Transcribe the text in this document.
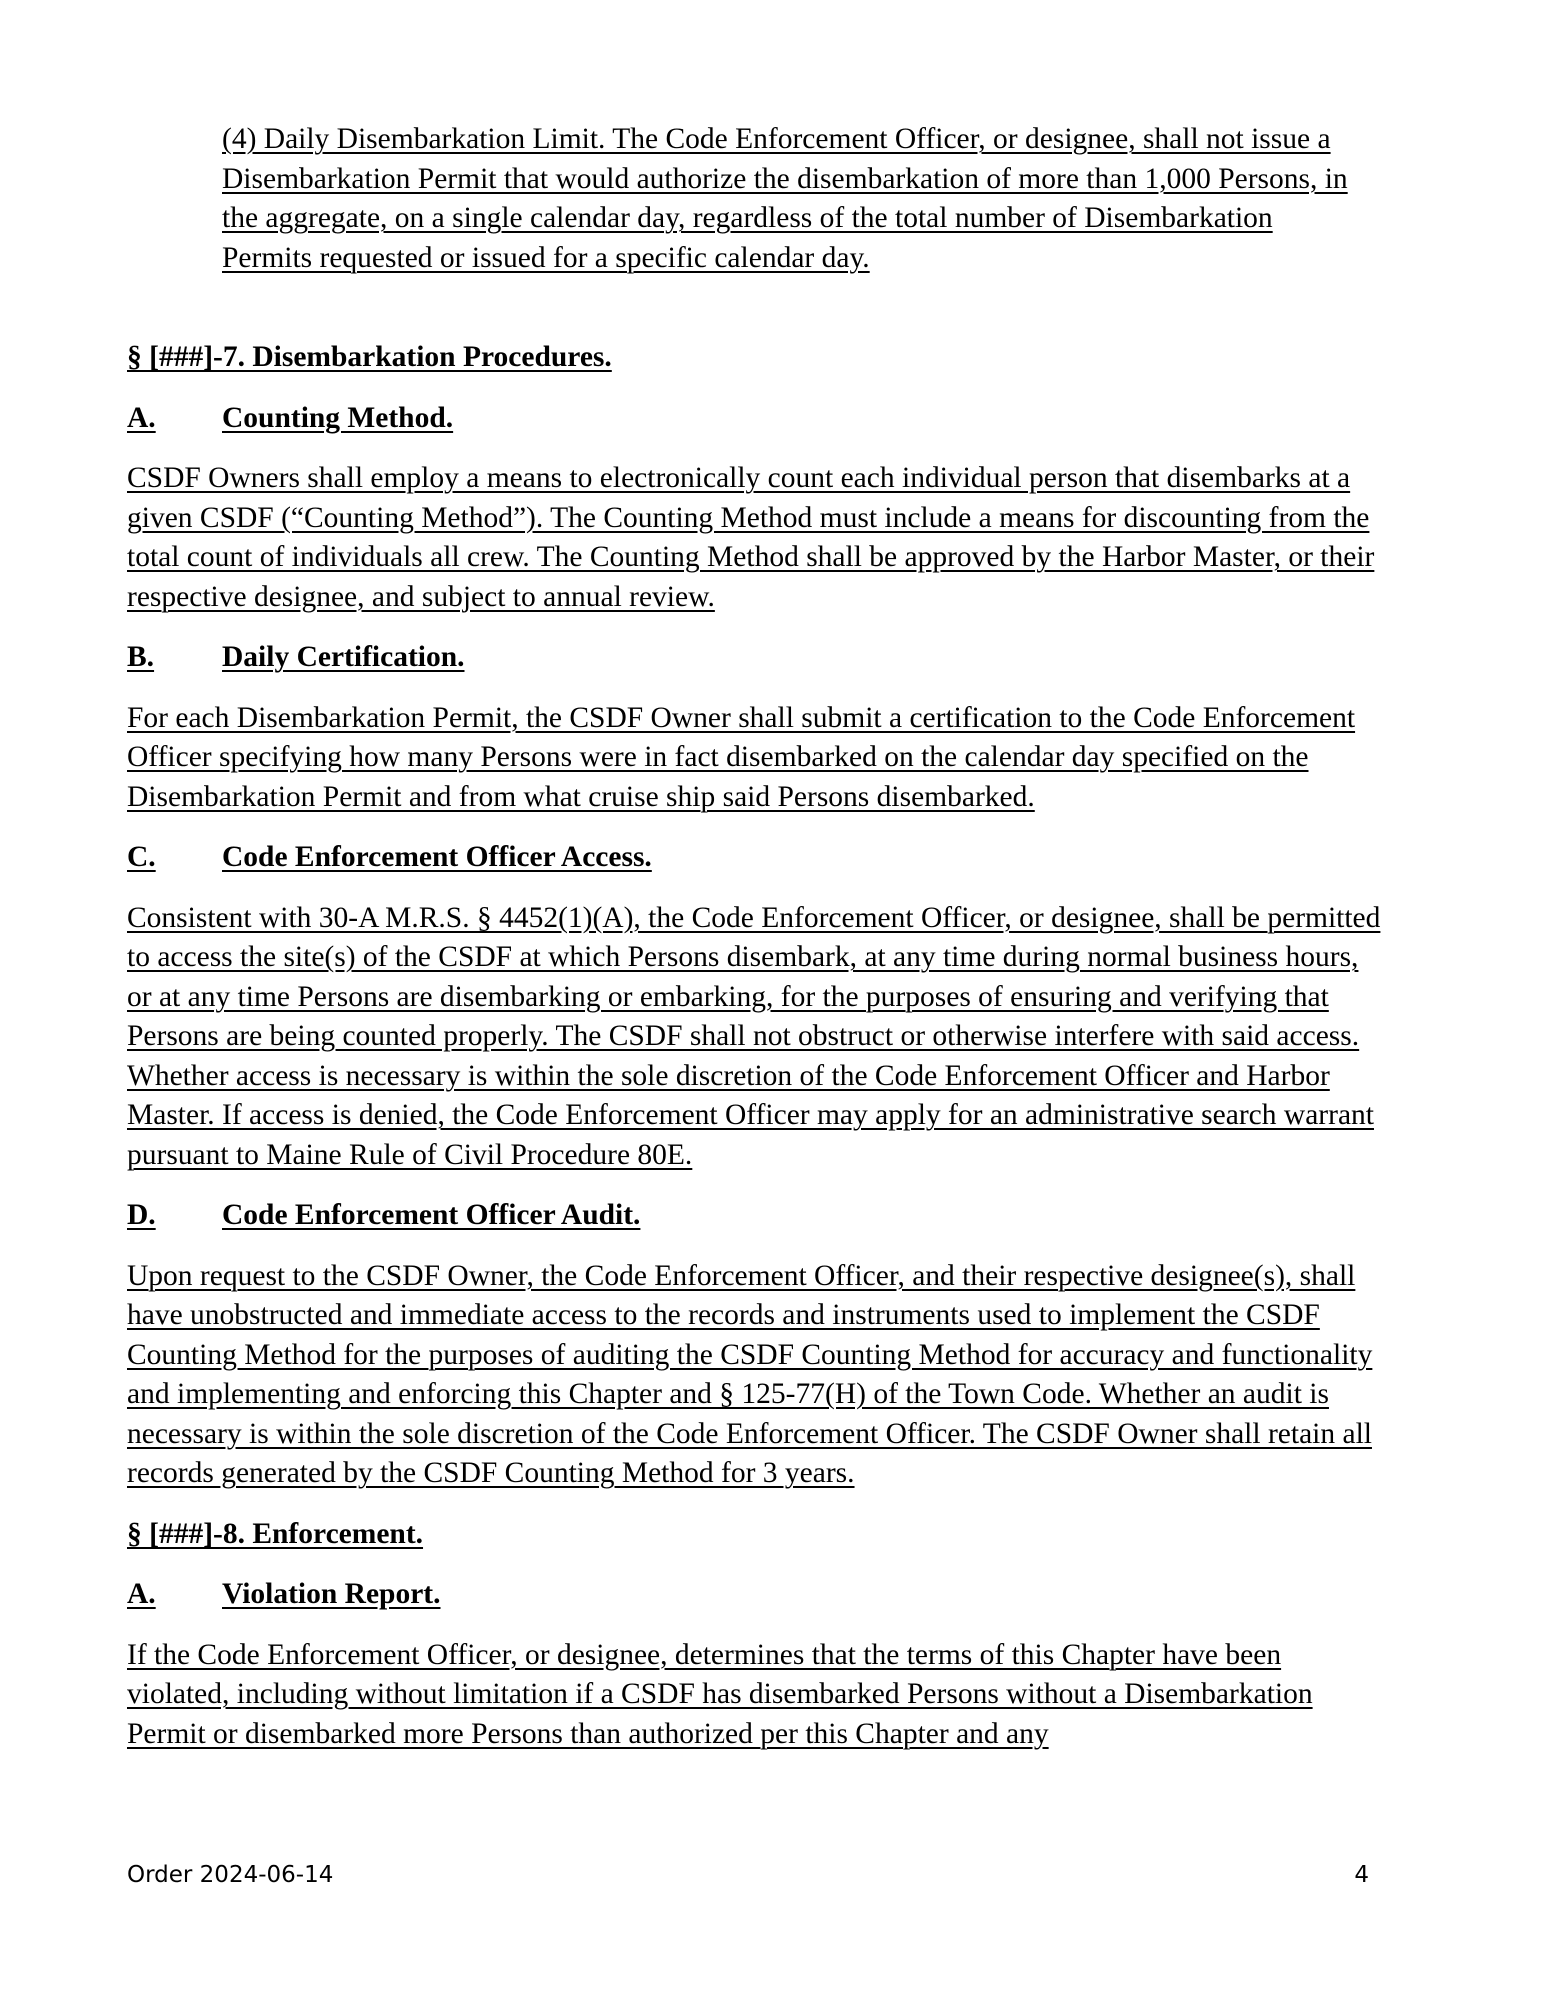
(4) Daily Disembarkation Limit. The Code Enforcement Officer, or designee, shall not issue a Disembarkation Permit that would authorize the disembarkation of more than 1,000 Persons, in the aggregate, on a single calendar day, regardless of the total number of Disembarkation Permits requested or issued for a specific calendar day.

§ [###]-7. Disembarkation Procedures.

A.	Counting Method.

CSDF Owners shall employ a means to electronically count each individual person that disembarks at a given CSDF (“Counting Method”). The Counting Method must include a means for discounting from the total count of individuals all crew. The Counting Method shall be approved by the Harbor Master, or their respective designee, and subject to annual review.

B.	Daily Certification.

For each Disembarkation Permit, the CSDF Owner shall submit a certification to the Code Enforcement Officer specifying how many Persons were in fact disembarked on the calendar day specified on the Disembarkation Permit and from what cruise ship said Persons disembarked.

C.	Code Enforcement Officer Access.

Consistent with 30-A M.R.S. § 4452(1)(A), the Code Enforcement Officer, or designee, shall be permitted to access the site(s) of the CSDF at which Persons disembark, at any time during normal business hours, or at any time Persons are disembarking or embarking, for the purposes of ensuring and verifying that Persons are being counted properly. The CSDF shall not obstruct or otherwise interfere with said access. Whether access is necessary is within the sole discretion of the Code Enforcement Officer and Harbor Master. If access is denied, the Code Enforcement Officer may apply for an administrative search warrant pursuant to Maine Rule of Civil Procedure 80E.

D.	Code Enforcement Officer Audit.

Upon request to the CSDF Owner, the Code Enforcement Officer, and their respective designee(s), shall have unobstructed and immediate access to the records and instruments used to implement the CSDF Counting Method for the purposes of auditing the CSDF Counting Method for accuracy and functionality and implementing and enforcing this Chapter and § 125-77(H) of the Town Code. Whether an audit is necessary is within the sole discretion of the Code Enforcement Officer. The CSDF Owner shall retain all records generated by the CSDF Counting Method for 3 years.

§ [###]-8. Enforcement.

A.	Violation Report.

If the Code Enforcement Officer, or designee, determines that the terms of this Chapter have been violated, including without limitation if a CSDF has disembarked Persons without a Disembarkation Permit or disembarked more Persons than authorized per this Chapter and any

Order 2024-06-14	4
